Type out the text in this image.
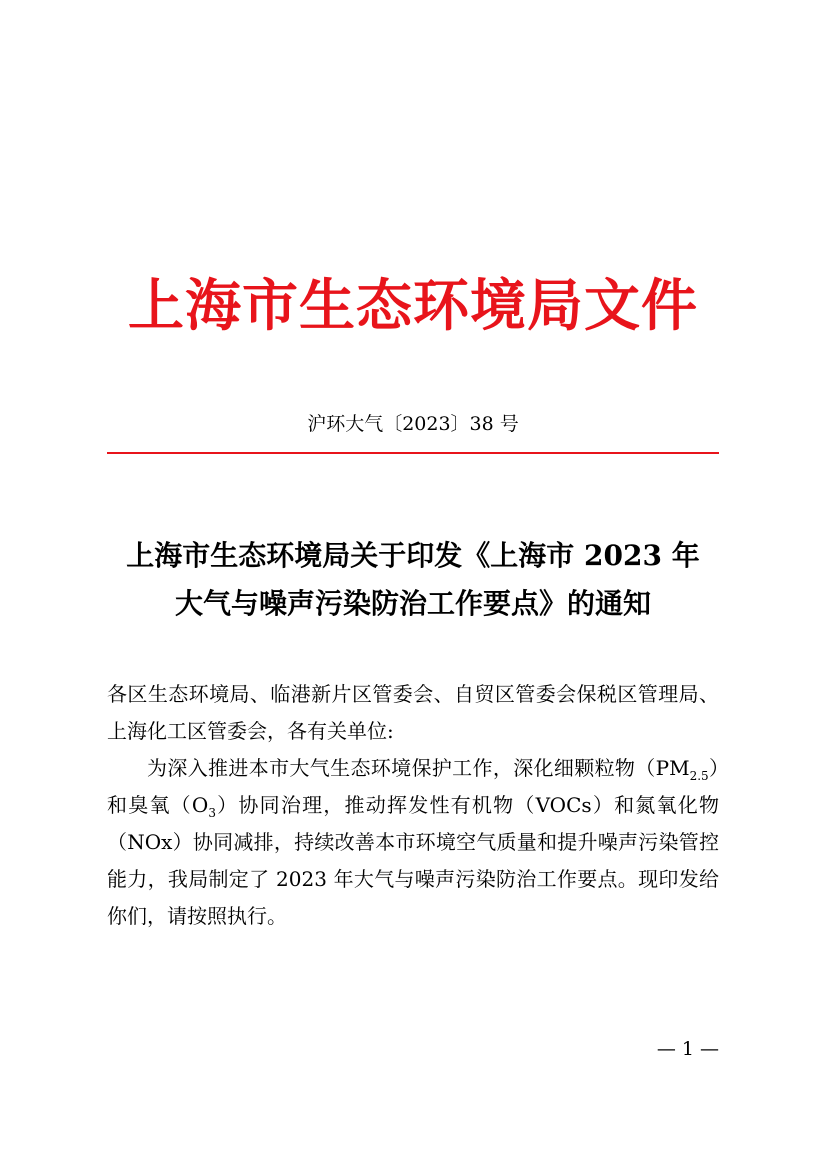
上海市生态环境局文件
沪环大气〔2023〕38 号
上海市生态环境局关于印发《上海市 2023 年
大气与噪声污染防治工作要点》的通知

各区生态环境局、临港新片区管委会、自贸区管委会保税区管理局、上海化工区管委会，各有关单位:

为深入推进本市大气生态环境保护工作，深化细颗粒物$(PM_{2.5})$和臭氧$(O_3)$协同治理，推动挥发性有机物（VOCs）和氮氧化物（NOx）协同减排，持续改善本市环境空气质量和提升噪声污染管控能力，我局制定了 2023 年大气与噪声污染防治工作要点。现印发给你们，请按照执行。

— 1 —
